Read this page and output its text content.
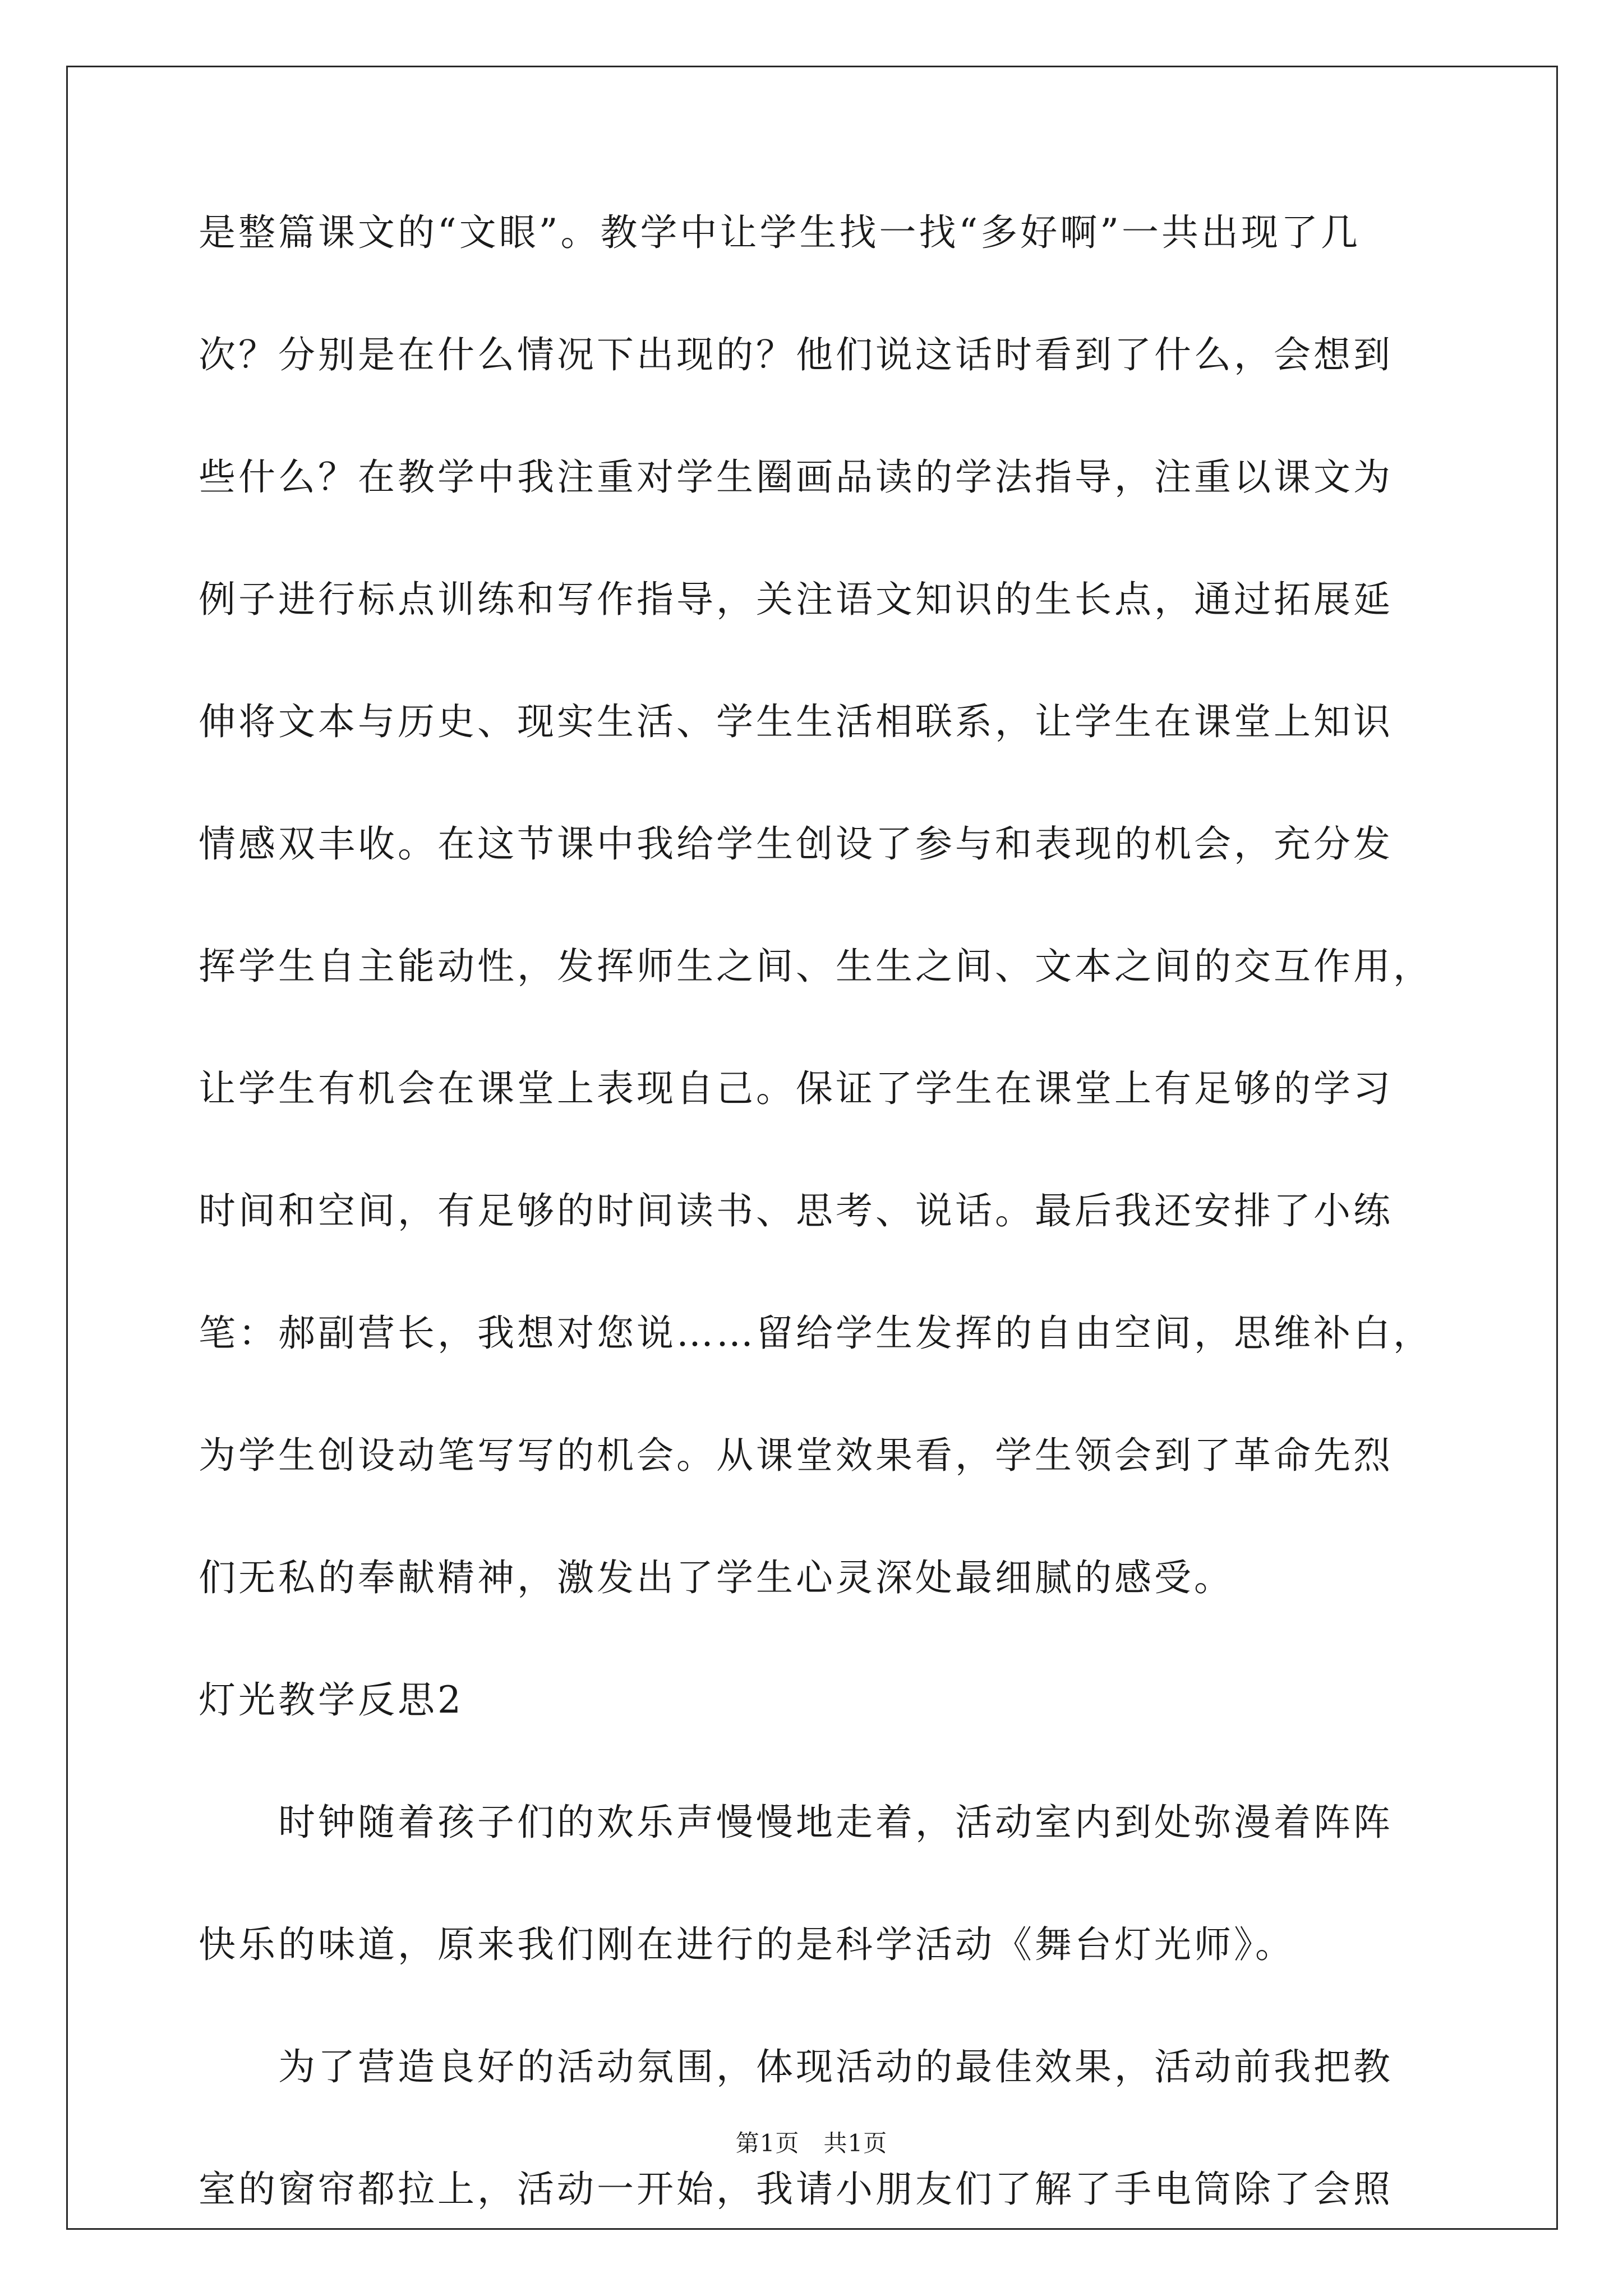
是整篇课文的“文眼”。教学中让学生找一找“多好啊”一共出现了几
次？分别是在什么情况下出现的？他们说这话时看到了什么，会想到
些什么？在教学中我注重对学生圈画品读的学法指导，注重以课文为
例子进行标点训练和写作指导，关注语文知识的生长点，通过拓展延
伸将文本与历史、现实生活、学生生活相联系，让学生在课堂上知识
情感双丰收。在这节课中我给学生创设了参与和表现的机会，充分发
挥学生自主能动性，发挥师生之间、生生之间、文本之间的交互作用，
让学生有机会在课堂上表现自己。保证了学生在课堂上有足够的学习
时间和空间，有足够的时间读书、思考、说话。最后我还安排了小练
笔：郝副营长，我想对您说……留给学生发挥的自由空间，思维补白，
为学生创设动笔写写的机会。从课堂效果看，学生领会到了革命先烈
们无私的奉献精神，激发出了学生心灵深处最细腻的感受。
灯光教学反思2
　　时钟随着孩子们的欢乐声慢慢地走着，活动室内到处弥漫着阵阵
快乐的味道，原来我们刚在进行的是科学活动《舞台灯光师》。
　　为了营造良好的活动氛围，体现活动的最佳效果，活动前我把教
室的窗帘都拉上，活动一开始，我请小朋友们了解了手电筒除了会照
第1页　共1页
